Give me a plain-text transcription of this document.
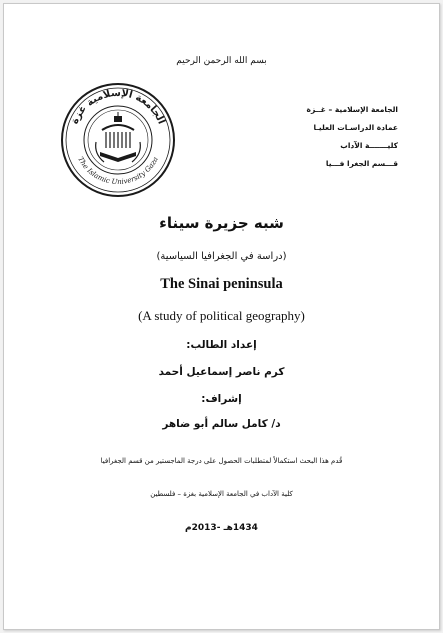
بسم الله الرحمن الرحيم
الجامعة الإسلامية غزة
The Islamic University Gaza
الجامعة الإسلامية – غــزة
عمادة الدراسـات العليـا
كليـــــــة الآداب
قـــسم الجغرا فـــيا
شبه جزيرة سيناء
(دراسة في الجغرافيا السياسية)
The Sinai peninsula
(A study of political geography)
إعداد الطالب:
كرم ناصر إسماعيل أحمد
إشراف:
د/ كامل سالم أبو ضاهر
قُدم هذا البحث استكمالاً لمتطلبات الحصول على درجة الماجستير من قسم الجغرافيا
كلية الآداب في الجامعة الإسلامية بغزة – فلسطين
1434هـ -2013م
